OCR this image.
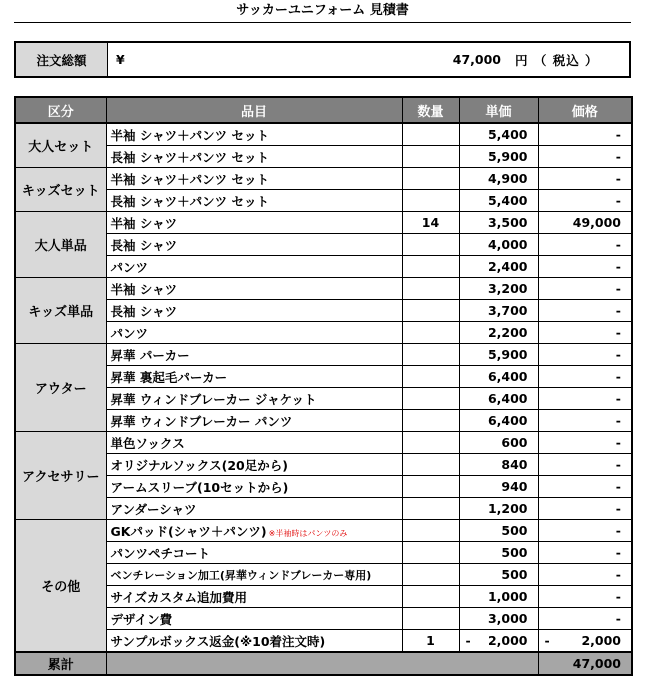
サッカーユニフォーム 見積書
注文総額	¥	47,000	円 （ 税込 ）
区分	品目	数量	単価	価格
大人セット	半袖 シャツ＋パンツ セット		5,400	-
	長袖 シャツ＋パンツ セット		5,900	-
キッズセット	半袖 シャツ＋パンツ セット		4,900	-
	長袖 シャツ＋パンツ セット		5,400	-
大人単品	半袖 シャツ	14	3,500	49,000
	長袖 シャツ		4,000	-
	パンツ		2,400	-
キッズ単品	半袖 シャツ		3,200	-
	長袖 シャツ		3,700	-
	パンツ		2,200	-
アウター	昇華 パーカー		5,900	-
	昇華 裏起毛パーカー		6,400	-
	昇華 ウィンドブレーカー ジャケット		6,400	-
	昇華 ウィンドブレーカー パンツ		6,400	-
アクセサリー	単色ソックス		600	-
	オリジナルソックス(20足から)		840	-
	アームスリーブ(10セットから)		940	-
	アンダーシャツ		1,200	-
その他	GKパッド(シャツ＋パンツ) ※半袖時はパンツのみ		500	-
	パンツペチコート		500	-
	ベンチレーション加工(昇華ウィンドブレーカー専用)		500	-
	サイズカスタム追加費用		1,000	-
	デザイン費		3,000	-
	サンプルボックス返金(※10着注文時)	1	- 2,000	- 2,000
累計				47,000
